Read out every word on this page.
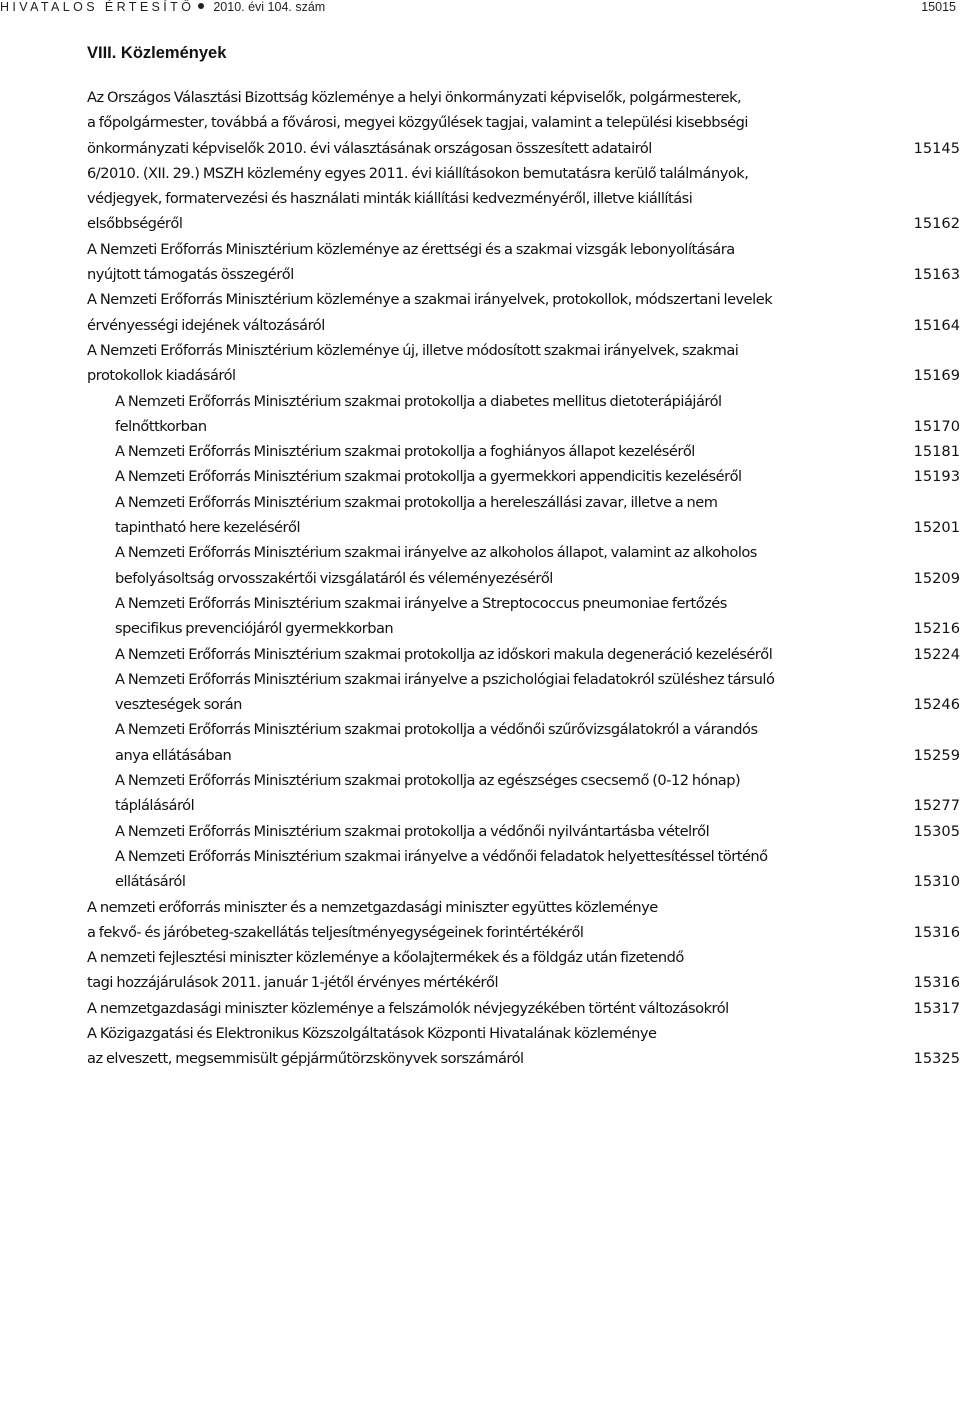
HIVATALOS ÉRTESÍTŐ 2010. évi 104. szám	15015
VIII. Közlemények
Az Országos Választási Bizottság közleménye a helyi önkormányzati képviselők, polgármesterek,
a főpolgármester, továbbá a fővárosi, megyei közgyűlések tagjai, valamint a települési kisebbségi
önkormányzati képviselők 2010. évi választásának országosan összesített adatairól	15145
6/2010. (XII. 29.) MSZH közlemény egyes 2011. évi kiállításokon bemutatásra kerülő találmányok,
védjegyek, formatervezési és használati minták kiállítási kedvezményéről, illetve kiállítási
elsőbbségéről	15162
A Nemzeti Erőforrás Minisztérium közleménye az érettségi és a szakmai vizsgák lebonyolítására
nyújtott támogatás összegéről	15163
A Nemzeti Erőforrás Minisztérium közleménye a szakmai irányelvek, protokollok, módszertani levelek
érvényességi idejének változásáról	15164
A Nemzeti Erőforrás Minisztérium közleménye új, illetve módosított szakmai irányelvek, szakmai
protokollok kiadásáról	15169
A Nemzeti Erőforrás Minisztérium szakmai protokollja a diabetes mellitus dietoterápiájáról
felnőttkorban	15170
A Nemzeti Erőforrás Minisztérium szakmai protokollja a foghiányos állapot kezeléséről	15181
A Nemzeti Erőforrás Minisztérium szakmai protokollja a gyermekkori appendicitis kezeléséről	15193
A Nemzeti Erőforrás Minisztérium szakmai protokollja a hereleszállási zavar, illetve a nem
tapintható here kezeléséről	15201
A Nemzeti Erőforrás Minisztérium szakmai irányelve az alkoholos állapot, valamint az alkoholos
befolyásoltság orvosszakértői vizsgálatáról és véleményezéséről	15209
A Nemzeti Erőforrás Minisztérium szakmai irányelve a Streptococcus pneumoniae fertőzés
specifikus prevenciójáról gyermekkorban	15216
A Nemzeti Erőforrás Minisztérium szakmai protokollja az időskori makula degeneráció kezeléséről	15224
A Nemzeti Erőforrás Minisztérium szakmai irányelve a pszichológiai feladatokról szüléshez társuló
veszteségek során	15246
A Nemzeti Erőforrás Minisztérium szakmai protokollja a védőnői szűrővizsgálatokról a várandós
anya ellátásában	15259
A Nemzeti Erőforrás Minisztérium szakmai protokollja az egészséges csecsemő (0-12 hónap)
táplálásáról	15277
A Nemzeti Erőforrás Minisztérium szakmai protokollja a védőnői nyilvántartásba vételről	15305
A Nemzeti Erőforrás Minisztérium szakmai irányelve a védőnői feladatok helyettesítéssel történő
ellátásáról	15310
A nemzeti erőforrás miniszter és a nemzetgazdasági miniszter együttes közleménye
a fekvő- és járóbeteg-szakellátás teljesítményegységeinek forintértékéről	15316
A nemzeti fejlesztési miniszter közleménye a kőolajtermékek és a földgáz után fizetendő
tagi hozzájárulások 2011. január 1-jétől érvényes mértékéről	15316
A nemzetgazdasági miniszter közleménye a felszámolók névjegyzékében történt változásokról	15317
A Közigazgatási és Elektronikus Közszolgáltatások Központi Hivatalának közleménye
az elveszett, megsemmisült gépjárműtörzskönyvek sorszámáról	15325
